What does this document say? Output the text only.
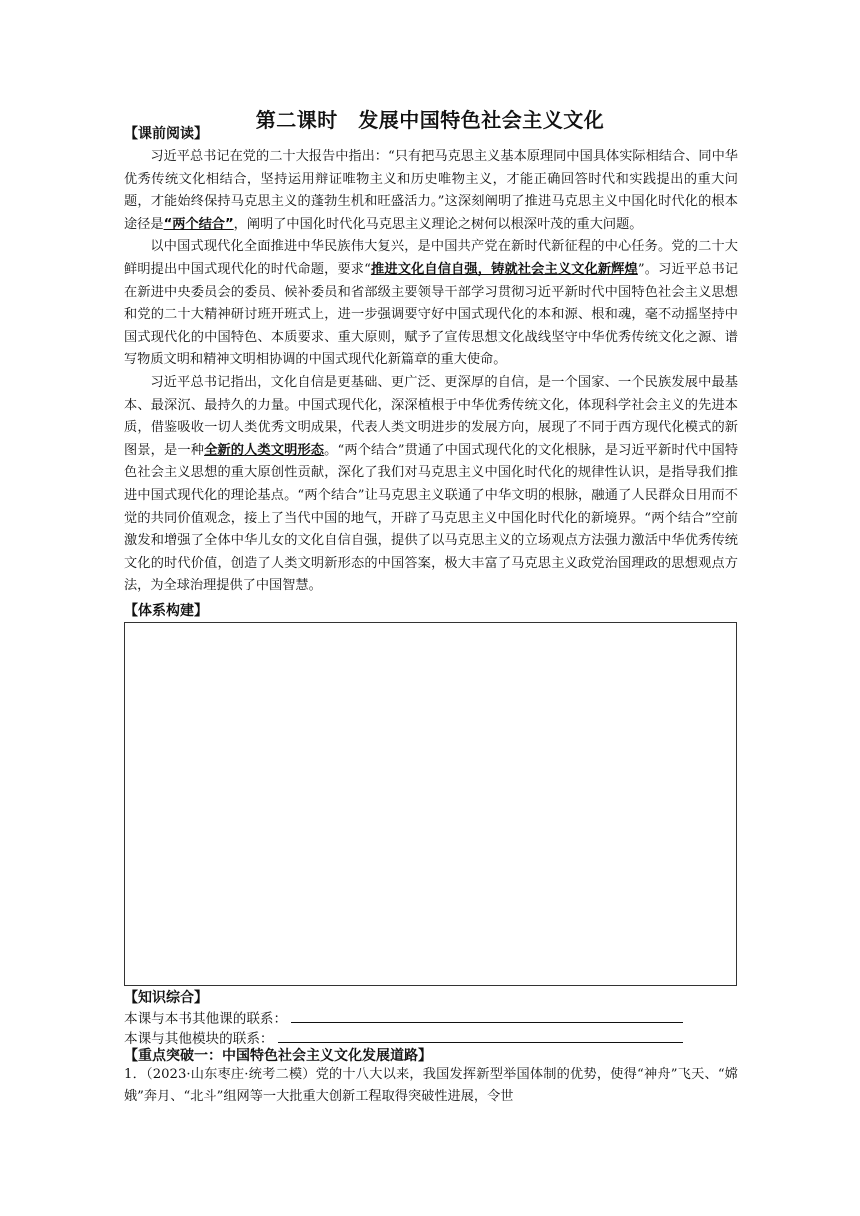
第二课时　发展中国特色社会主义文化
【课前阅读】

习近平总书记在党的二十大报告中指出：“只有把马克思主义基本原理同中国具体实际相结合、同中华优秀传统文化相结合，坚持运用辩证唯物主义和历史唯物主义，才能正确回答时代和实践提出的重大问题，才能始终保持马克思主义的蓬勃生机和旺盛活力。”这深刻阐明了推进马克思主义中国化时代化的根本途径是“两个结合”，阐明了中国化时代化马克思主义理论之树何以根深叶茂的重大问题。

以中国式现代化全面推进中华民族伟大复兴，是中国共产党在新时代新征程的中心任务。党的二十大鲜明提出中国式现代化的时代命题，要求“推进文化自信自强，铸就社会主义文化新辉煌”。习近平总书记在新进中央委员会的委员、候补委员和省部级主要领导干部学习贯彻习近平新时代中国特色社会主义思想和党的二十大精神研讨班开班式上，进一步强调要守好中国式现代化的本和源、根和魂，毫不动摇坚持中国式现代化的中国特色、本质要求、重大原则，赋予了宣传思想文化战线坚守中华优秀传统文化之源、谱写物质文明和精神文明相协调的中国式现代化新篇章的重大使命。

习近平总书记指出，文化自信是更基础、更广泛、更深厚的自信，是一个国家、一个民族发展中最基本、最深沉、最持久的力量。中国式现代化，深深植根于中华优秀传统文化，体现科学社会主义的先进本质，借鉴吸收一切人类优秀文明成果，代表人类文明进步的发展方向，展现了不同于西方现代化模式的新图景，是一种全新的人类文明形态。“两个结合”贯通了中国式现代化的文化根脉，是习近平新时代中国特色社会主义思想的重大原创性贡献，深化了我们对马克思主义中国化时代化的规律性认识，是指导我们推进中国式现代化的理论基点。“两个结合”让马克思主义联通了中华文明的根脉，融通了人民群众日用而不觉的共同价值观念，接上了当代中国的地气，开辟了马克思主义中国化时代化的新境界。“两个结合”空前激发和增强了全体中华儿女的文化自信自强，提供了以马克思主义的立场观点方法强力激活中华优秀传统文化的时代价值，创造了人类文明新形态的中国答案，极大丰富了马克思主义政党治国理政的思想观点方法，为全球治理提供了中国智慧。

【体系构建】
【知识综合】
本课与本书其他课的联系：
本课与其他模块的联系：
【重点突破一：中国特色社会主义文化发展道路】
1．（2023·山东枣庄·统考二模）党的十八大以来，我国发挥新型举国体制的优势，使得“神舟”飞天、“嫦娥”奔月、“北斗”组网等一大批重大创新工程取得突破性进展，令世
